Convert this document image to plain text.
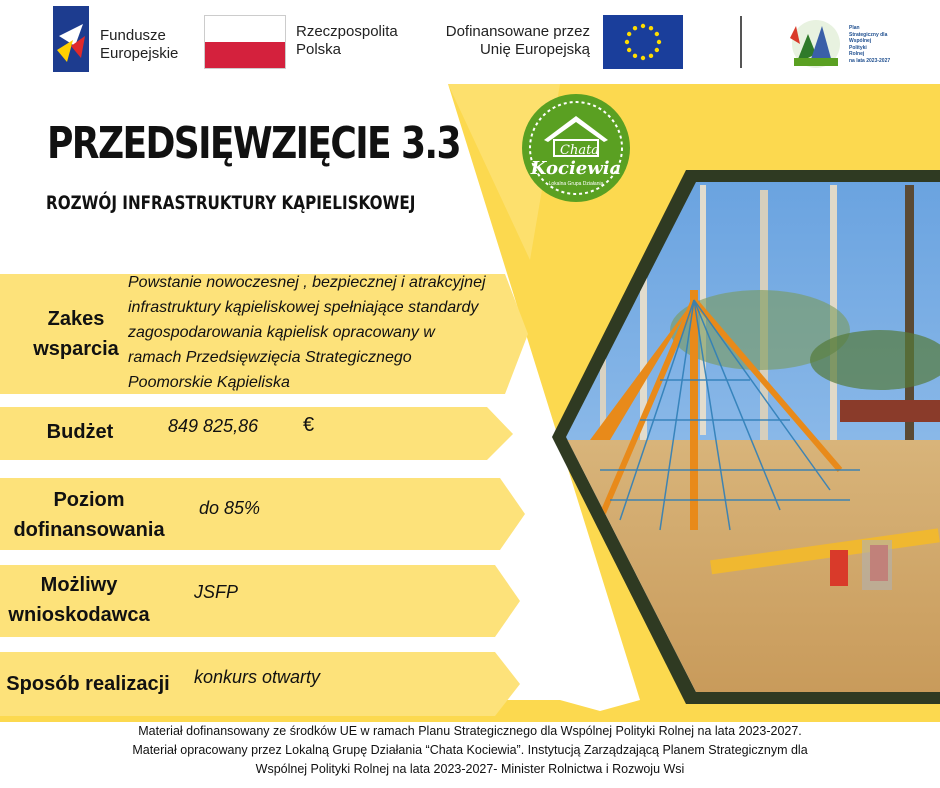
Fundusze
Europejskie
Rzeczpospolita
Polska
Dofinansowane przez
Unię Europejską
Plan
Strategiczny dla
Wspólnej
Polityki
Rolnej
na lata 2023-2027
Chata
Kociewia
Lokalna Grupa Działania
PRZEDSIĘWZIĘCIE 3.3
ROZWÓJ INFRASTRUKTURY KĄPIELISKOWEJ
Zakes
wsparcia
Powstanie nowoczesnej , bezpiecznej i atrakcyjnej
infrastruktury kąpieliskowej spełniające standardy
zagospodarowania kąpielisk opracowany w
ramach Przedsięwzięcia Strategicznego
Poomorskie Kąpieliska
Budżet	849 825,86 €
Poziom
dofinansowania
do 85%
Możliwy
wnioskodawca
JSFP
Sposób realizacji	konkurs otwarty
Materiał dofinansowany ze środków UE w ramach Planu Strategicznego dla Wspólnej Polityki Rolnej na lata 2023-2027.
Materiał opracowany przez Lokalną Grupę Działania “Chata Kociewia”. Instytucją Zarządzającą Planem Strategicznym dla
Wspólnej Polityki Rolnej na lata 2023-2027- Minister Rolnictwa i Rozwoju Wsi
